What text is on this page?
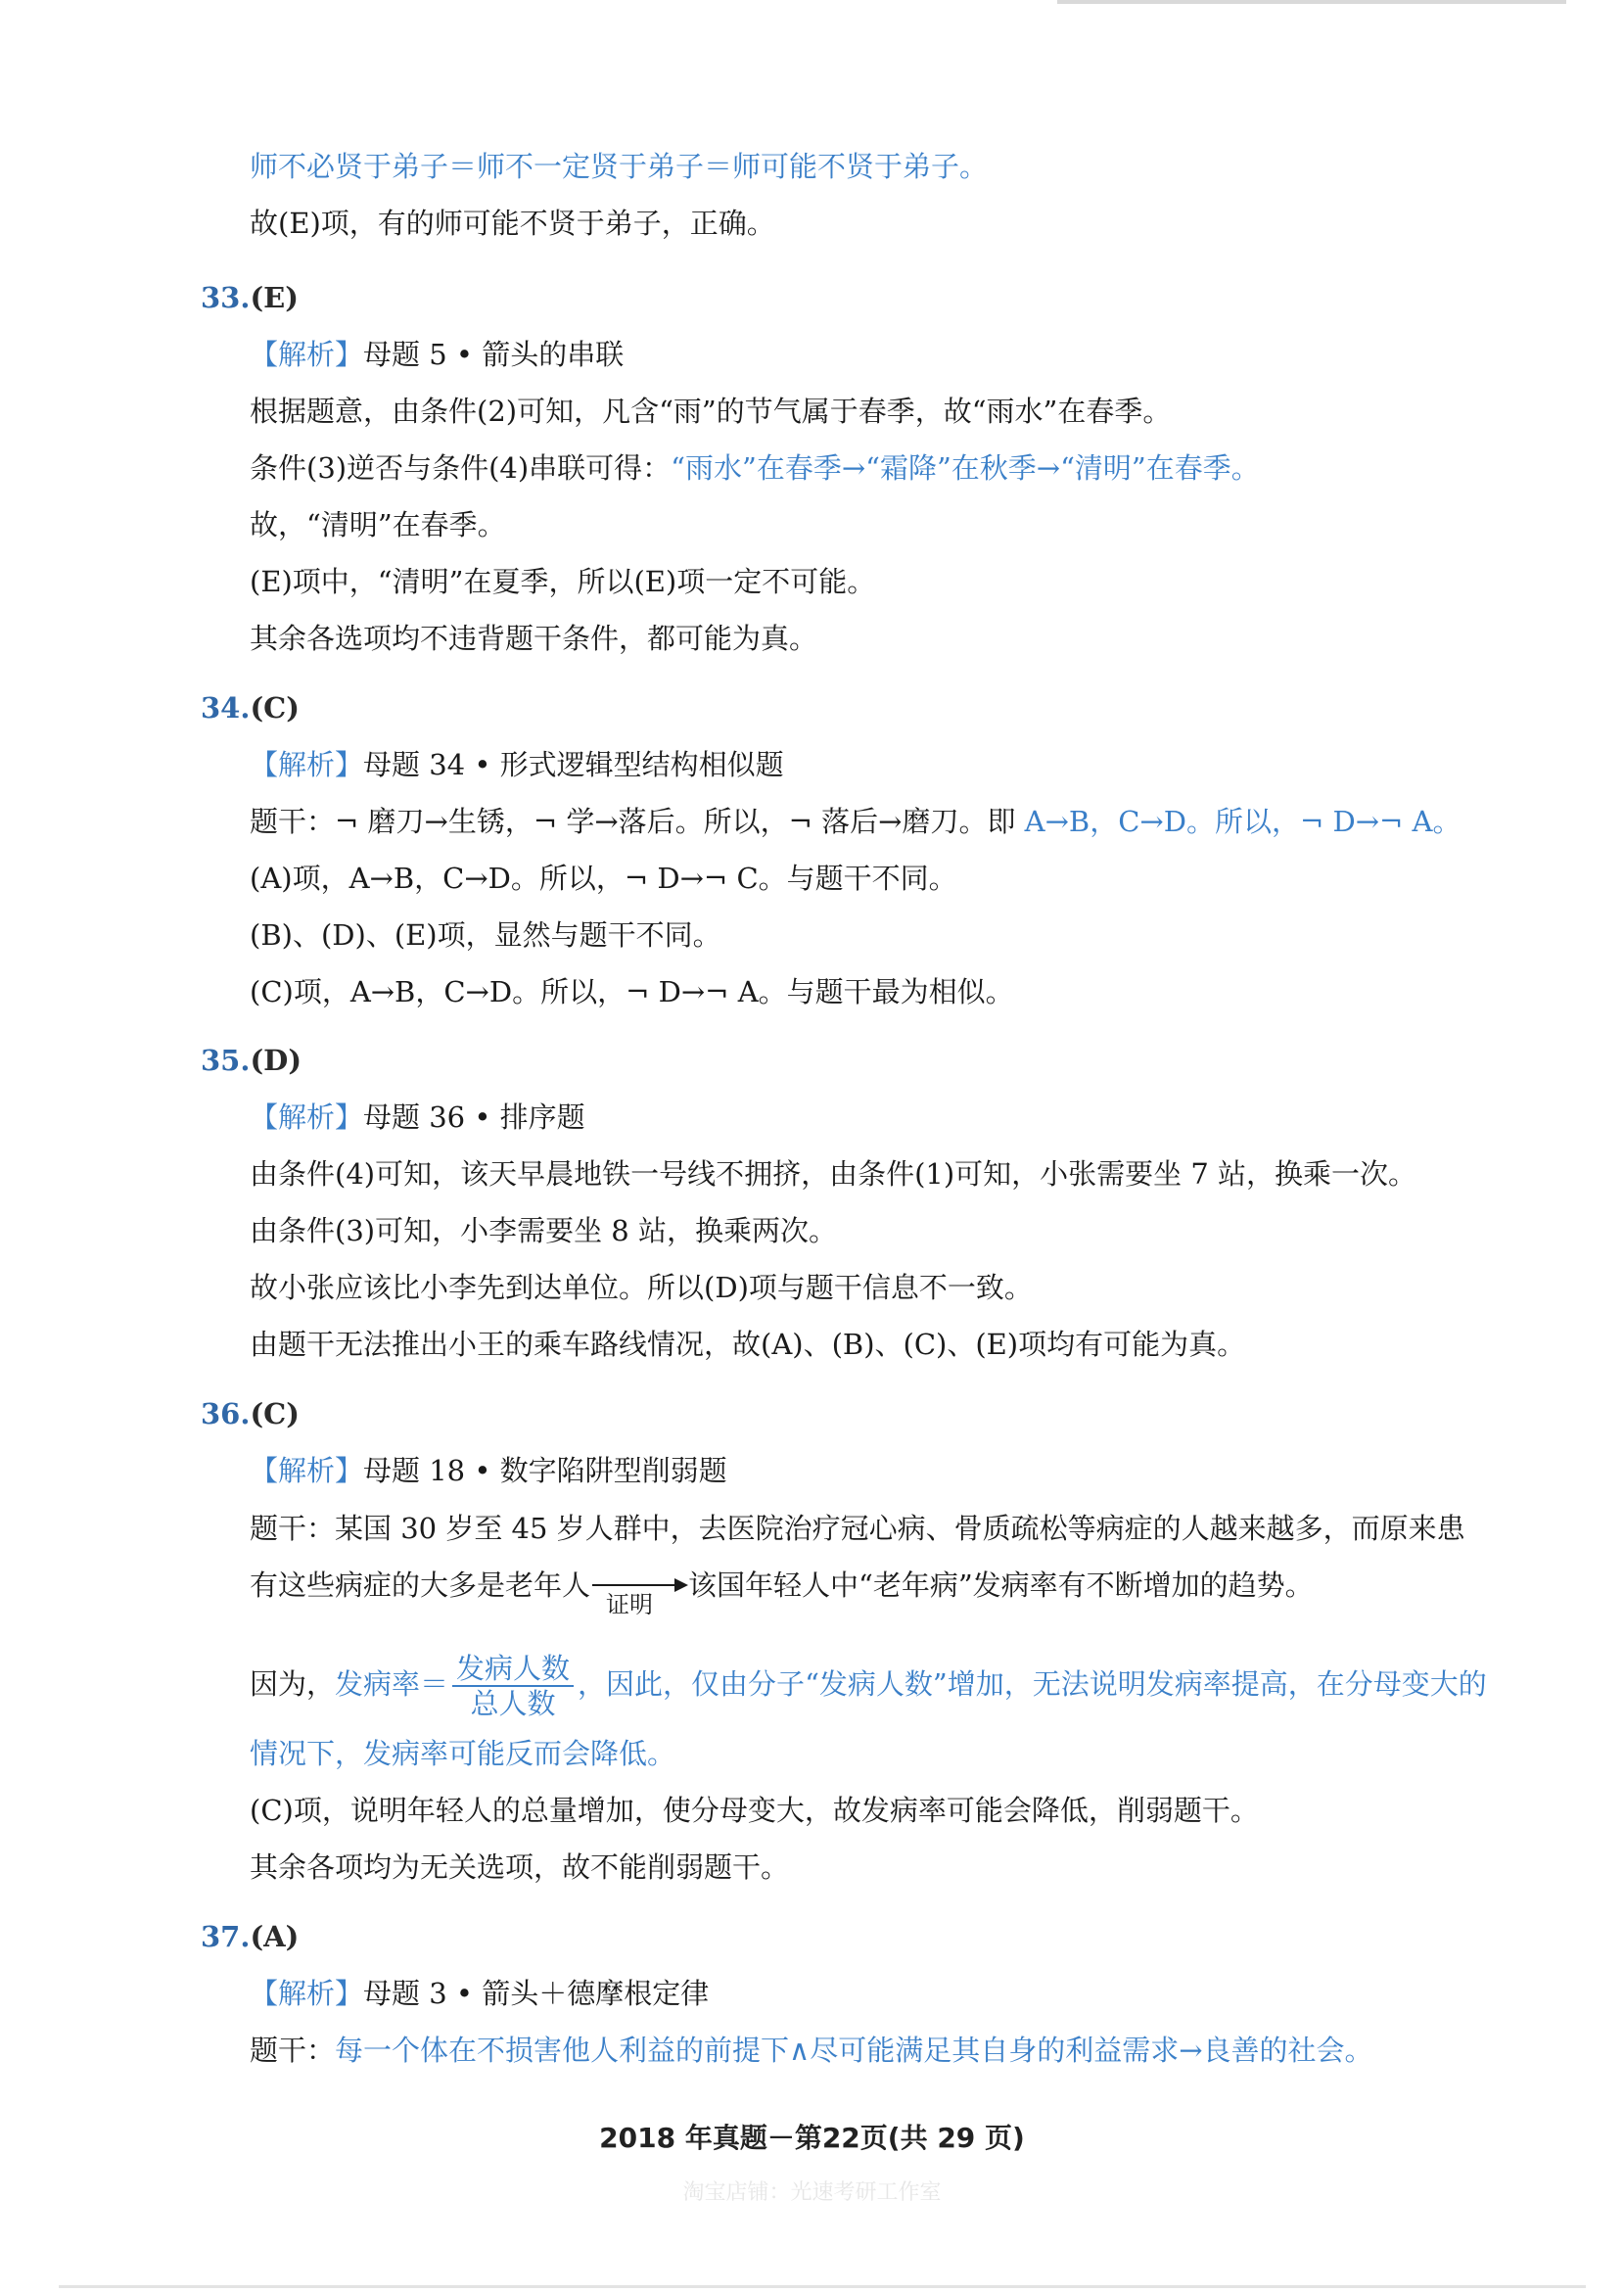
师不必贤于弟子＝师不一定贤于弟子＝师可能不贤于弟子。
故(E)项，有的师可能不贤于弟子，正确。
33.(E)
【解析】母题 5 • 箭头的串联
根据题意，由条件(2)可知，凡含“雨”的节气属于春季，故“雨水”在春季。
条件(3)逆否与条件(4)串联可得：“雨水”在春季→“霜降”在秋季→“清明”在春季。
故，“清明”在春季。
(E)项中，“清明”在夏季，所以(E)项一定不可能。
其余各选项均不违背题干条件，都可能为真。
34.(C)
【解析】母题 34 • 形式逻辑型结构相似题
题干：¬ 磨刀→生锈，¬ 学→落后。所以，¬ 落后→磨刀。即 A→B，C→D。所以，¬ D→¬ A。
(A)项，A→B，C→D。所以，¬ D→¬ C。与题干不同。
(B)、(D)、(E)项，显然与题干不同。
(C)项，A→B，C→D。所以，¬ D→¬ A。与题干最为相似。
35.(D)
【解析】母题 36 • 排序题
由条件(4)可知，该天早晨地铁一号线不拥挤，由条件(1)可知，小张需要坐 7 站，换乘一次。
由条件(3)可知，小李需要坐 8 站，换乘两次。
故小张应该比小李先到达单位。所以(D)项与题干信息不一致。
由题干无法推出小王的乘车路线情况，故(A)、(B)、(C)、(E)项均有可能为真。
36.(C)
【解析】母题 18 • 数字陷阱型削弱题
题干：某国 30 岁至 45 岁人群中，去医院治疗冠心病、骨质疏松等病症的人越来越多，而原来患
有这些病症的大多是老年人
证明
该国年轻人中“老年病”发病率有不断增加的趋势。
因为，发病率＝ $\frac{\text{发病人数}}{\text{总人数}}$ ，因此，仅由分子“发病人数”增加，无法说明发病率提高，在分母变大的
情况下，发病率可能反而会降低。
(C)项，说明年轻人的总量增加，使分母变大，故发病率可能会降低，削弱题干。
其余各项均为无关选项，故不能削弱题干。
37.(A)
【解析】母题 3 • 箭头＋德摩根定律
题干：每一个体在不损害他人利益的前提下∧尽可能满足其自身的利益需求→良善的社会。
2018 年真题－第22页(共 29 页)
淘宝店铺：光速考研工作室
